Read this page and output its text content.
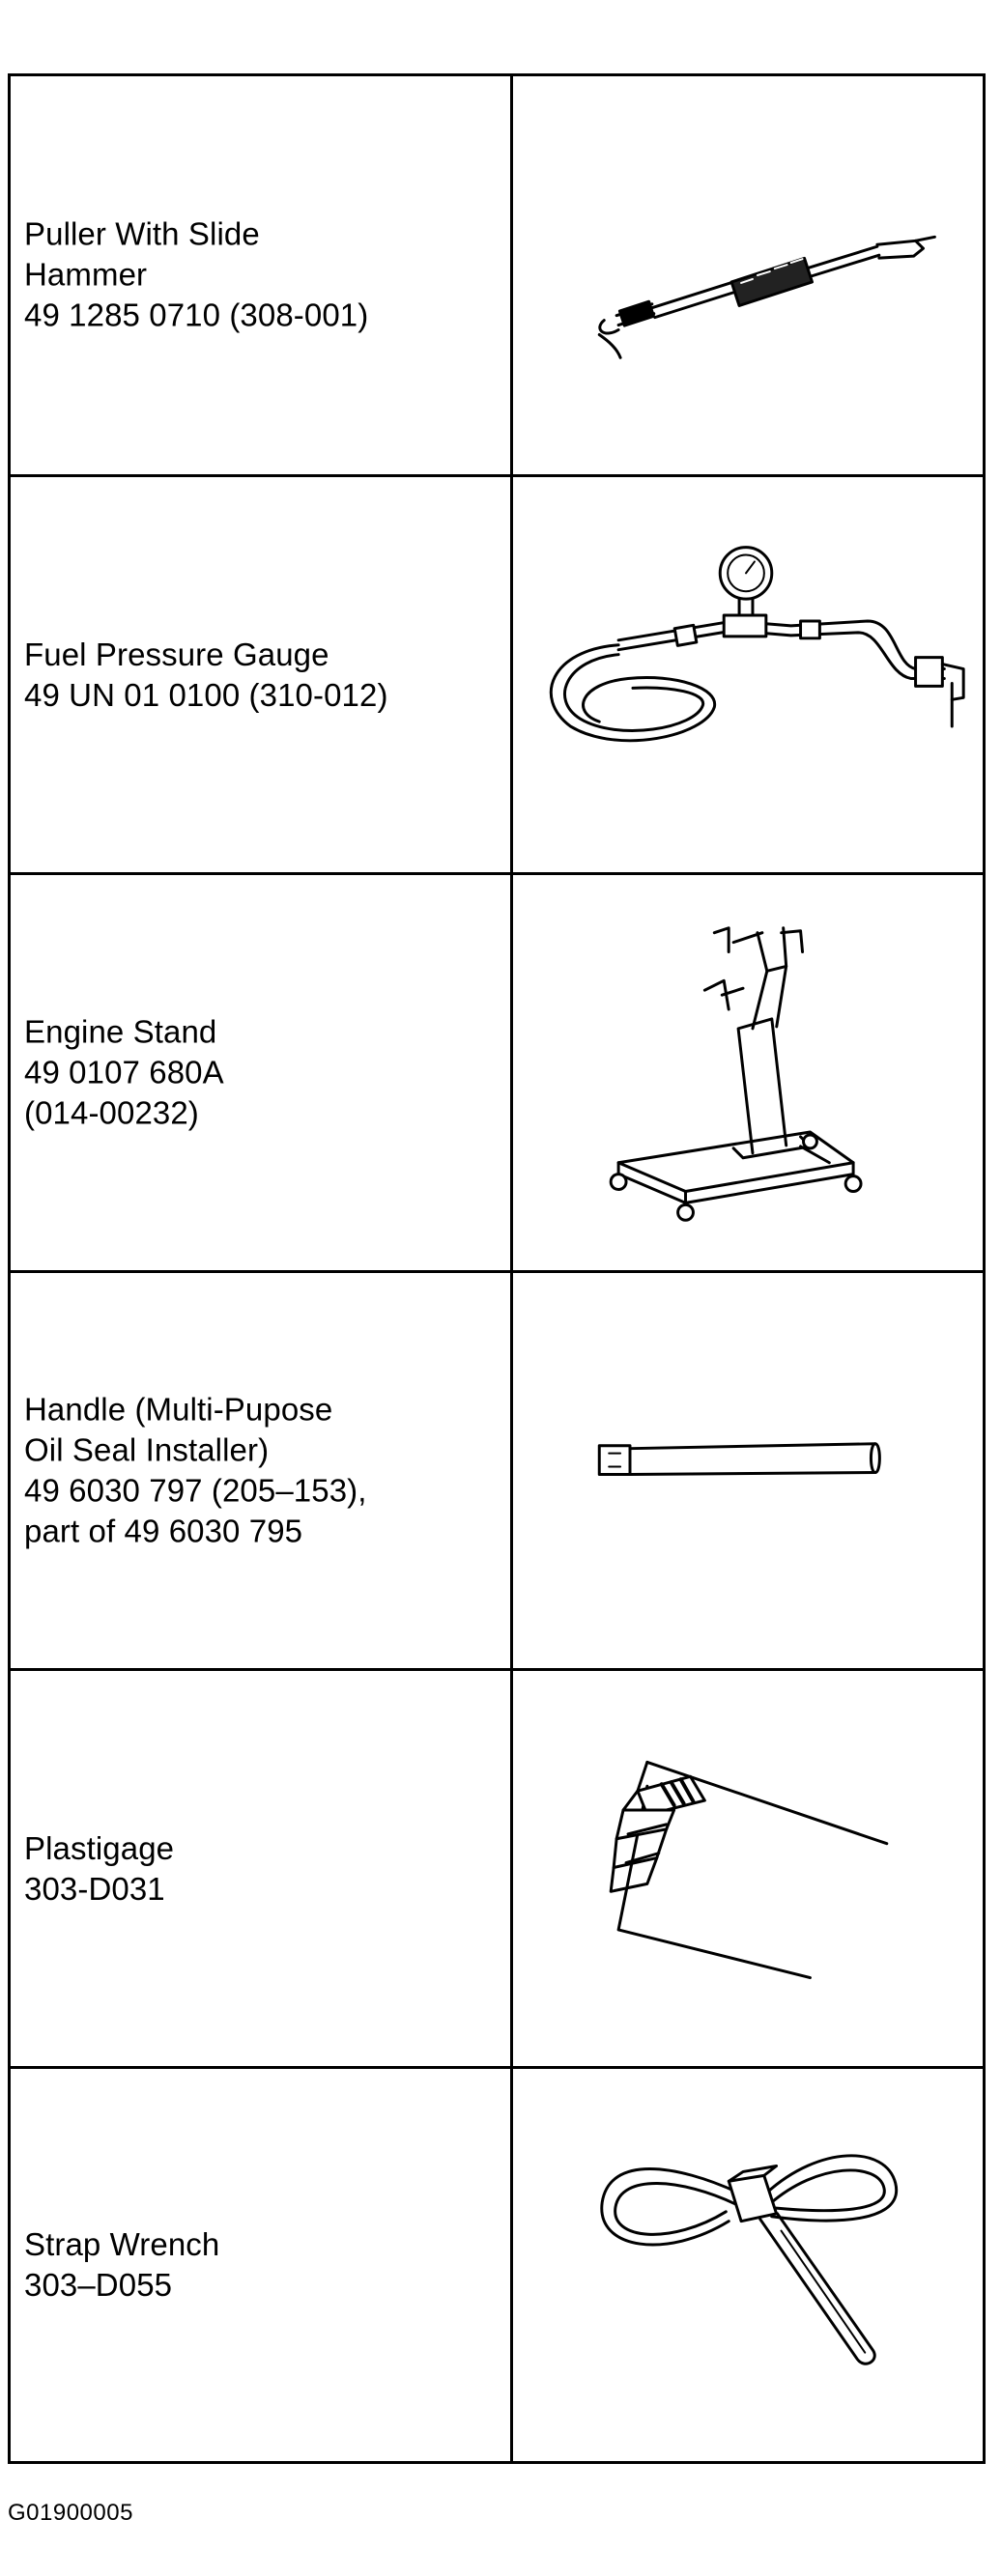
Puller With Slide
Hammer
49 1285 0710 (308-001)
Fuel Pressure Gauge
49 UN 01 0100 (310-012)
Engine Stand
49 0107 680A
(014-00232)
Handle (Multi-Pupose
Oil Seal Installer)
49 6030 797 (205–153),
part of 49 6030 795
Plastigage
303-D031
Strap Wrench
303–D055
G01900005
